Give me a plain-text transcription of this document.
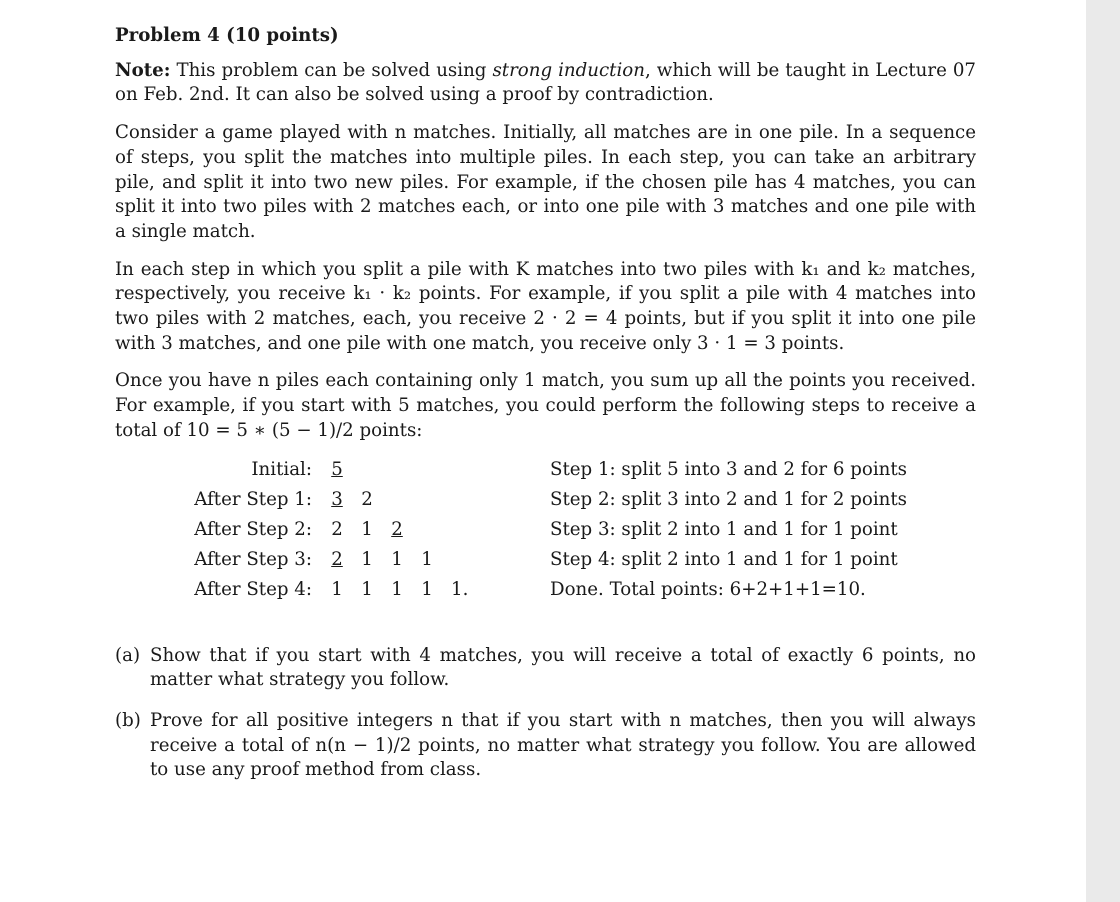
Problem 4 (10 points)

Note: This problem can be solved using strong induction, which will be taught in Lecture 07 on Feb. 2nd. It can also be solved using a proof by contradiction.

Consider a game played with n matches. Initially, all matches are in one pile. In a sequence of steps, you split the matches into multiple piles. In each step, you can take an arbitrary pile, and split it into two new piles. For example, if the chosen pile has 4 matches, you can split it into two piles with 2 matches each, or into one pile with 3 matches and one pile with a single match.

In each step in which you split a pile with K matches into two piles with k₁ and k₂ matches, respectively, you receive k₁ · k₂ points. For example, if you split a pile with 4 matches into two piles with 2 matches, each, you receive 2 · 2 = 4 points, but if you split it into one pile with 3 matches, and one pile with one match, you receive only 3 · 1 = 3 points.

Once you have n piles each containing only 1 match, you sum up all the points you received. For example, if you start with 5 matches, you could perform the following steps to receive a total of 10 = 5 ∗ (5 − 1)/2 points:

Initial: 5	Step 1: split 5 into 3 and 2 for 6 points
After Step 1: 3 2	Step 2: split 3 into 2 and 1 for 2 points
After Step 2: 2 1 2	Step 3: split 2 into 1 and 1 for 1 point
After Step 3: 2 1 1 1	Step 4: split 2 into 1 and 1 for 1 point
After Step 4: 1 1 1 1 1.	Done. Total points: 6+2+1+1=10.
(a) Show that if you start with 4 matches, you will receive a total of exactly 6 points, no matter what strategy you follow.
(b) Prove for all positive integers n that if you start with n matches, then you will always receive a total of n(n − 1)/2 points, no matter what strategy you follow. You are allowed to use any proof method from class.
